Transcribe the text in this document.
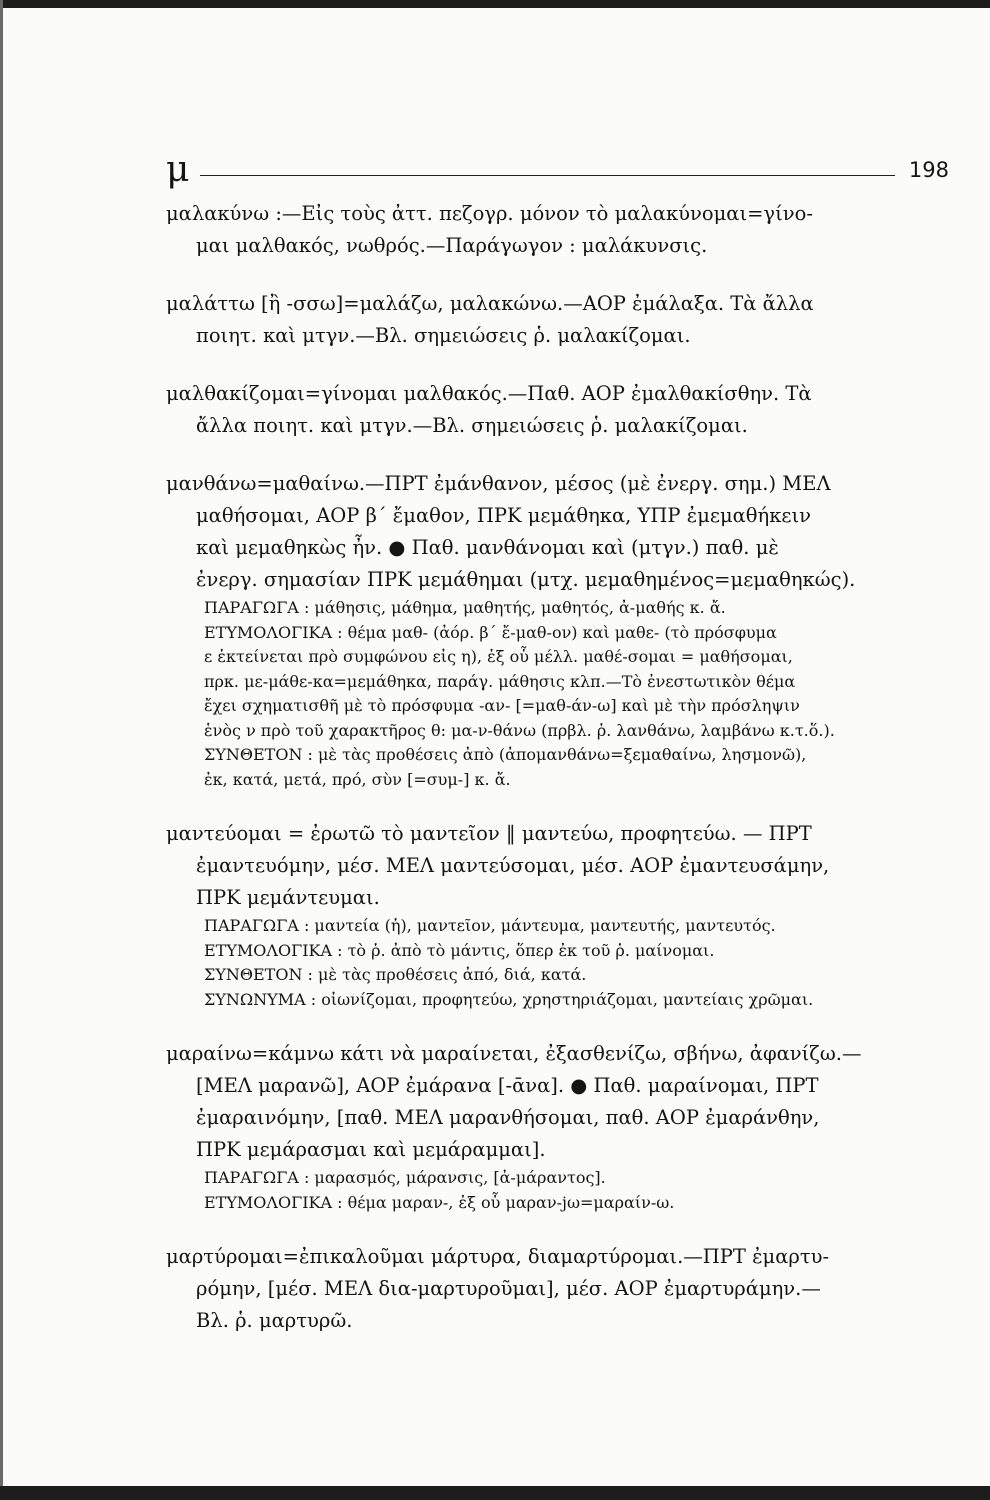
μ	198

μαλακύνω :—Εἰς τοὺς ἀττ. πεζογρ. μόνον τὸ μαλακύνομαι=γίνο-

μαι μαλθακός, νωθρός.—Παράγωγον : μαλάκυνσις.

μαλάττω [ἢ -σσω]=μαλάζω, μαλακώνω.—ΑΟΡ ἐμάλαξα. Τὰ ἄλλα

ποιητ. καὶ μτγν.—Βλ. σημειώσεις ῥ. μαλακίζομαι.

μαλθακίζομαι=γίνομαι μαλθακός.—Παθ. ΑΟΡ ἐμαλθακίσθην. Τὰ

ἄλλα ποιητ. καὶ μτγν.—Βλ. σημειώσεις ῥ. μαλακίζομαι.

μανθάνω=μαθαίνω.—ΠΡΤ ἐμάνθανον, μέσος (μὲ ἐνεργ. σημ.) ΜΕΛ

μαθήσομαι, ΑΟΡ β΄ ἔμαθον, ΠΡΚ μεμάθηκα, ΥΠΡ ἐμεμαθήκειν

καὶ μεμαθηκὼς ἦν. ● Παθ. μανθάνομαι καὶ (μτγν.) παθ. μὲ

ἐνεργ. σημασίαν ΠΡΚ μεμάθημαι (μτχ. μεμαθημένος=μεμαθηκώς).

ΠΑΡΑΓΩΓΑ : μάθησις, μάθημα, μαθητής, μαθητός, ἀ-μαθής κ. ἄ.

ΕΤΥΜΟΛΟΓΙΚΑ : θέμα μαθ- (ἀόρ. β΄ ἔ-μαθ-ον) καὶ μαθε- (τὸ πρόσφυμα

ε ἐκτείνεται πρὸ συμφώνου εἰς η), ἐξ οὗ μέλλ. μαθέ-σομαι = μαθήσομαι,

πρκ. με-μάθε-κα=μεμάθηκα, παράγ. μάθησις κλπ.—Τὸ ἐνεστωτικὸν θέμα

ἔχει σχηματισθῆ μὲ τὸ πρόσφυμα -αν- [=μαθ-άν-ω] καὶ μὲ τὴν πρόσληψιν

ἑνὸς ν πρὸ τοῦ χαρακτῆρος θ: μα-ν-θάνω (πρβλ. ῥ. λανθάνω, λαμβάνω κ.τ.ὅ.).

ΣΥΝΘΕΤΟΝ : μὲ τὰς προθέσεις ἀπὸ (ἀπομανθάνω=ξεμαθαίνω, λησμονῶ),

ἐκ, κατά, μετά, πρό, σὺν [=συμ-] κ. ἄ.

μαντεύομαι = ἐρωτῶ τὸ μαντεῖον ‖ μαντεύω, προφητεύω. — ΠΡΤ

ἐμαντευόμην, μέσ. ΜΕΛ μαντεύσομαι, μέσ. ΑΟΡ ἐμαντευσάμην,

ΠΡΚ μεμάντευμαι.

ΠΑΡΑΓΩΓΑ : μαντεία (ἡ), μαντεῖον, μάντευμα, μαντευτής, μαντευτός.

ΕΤΥΜΟΛΟΓΙΚΑ : τὸ ῥ. ἀπὸ τὸ μάντις, ὅπερ ἐκ τοῦ ῥ. μαίνομαι.

ΣΥΝΘΕΤΟΝ : μὲ τὰς προθέσεις ἀπό, διά, κατά.

ΣΥΝΩΝΥΜΑ : οἰωνίζομαι, προφητεύω, χρηστηριάζομαι, μαντείαις χρῶμαι.

μαραίνω=κάμνω κάτι νὰ μαραίνεται, ἐξασθενίζω, σβήνω, ἀφανίζω.—

[ΜΕΛ μαρανῶ], ΑΟΡ ἐμάρανα [-ᾱνα]. ● Παθ. μαραίνομαι, ΠΡΤ

ἐμαραινόμην, [παθ. ΜΕΛ μαρανθήσομαι, παθ. ΑΟΡ ἐμαράνθην,

ΠΡΚ μεμάρασμαι καὶ μεμάραμμαι].

ΠΑΡΑΓΩΓΑ : μαρασμός, μάρανσις, [ἀ-μάραντος].

ΕΤΥΜΟΛΟΓΙΚΑ : θέμα μαραν-, ἐξ οὗ μαραν-jω=μαραίν-ω.

μαρτύρομαι=ἐπικαλοῦμαι μάρτυρα, διαμαρτύρομαι.—ΠΡΤ ἐμαρτυ-

ρόμην, [μέσ. ΜΕΛ δια-μαρτυροῦμαι], μέσ. ΑΟΡ ἐμαρτυράμην.—

Βλ. ῥ. μαρτυρῶ.
